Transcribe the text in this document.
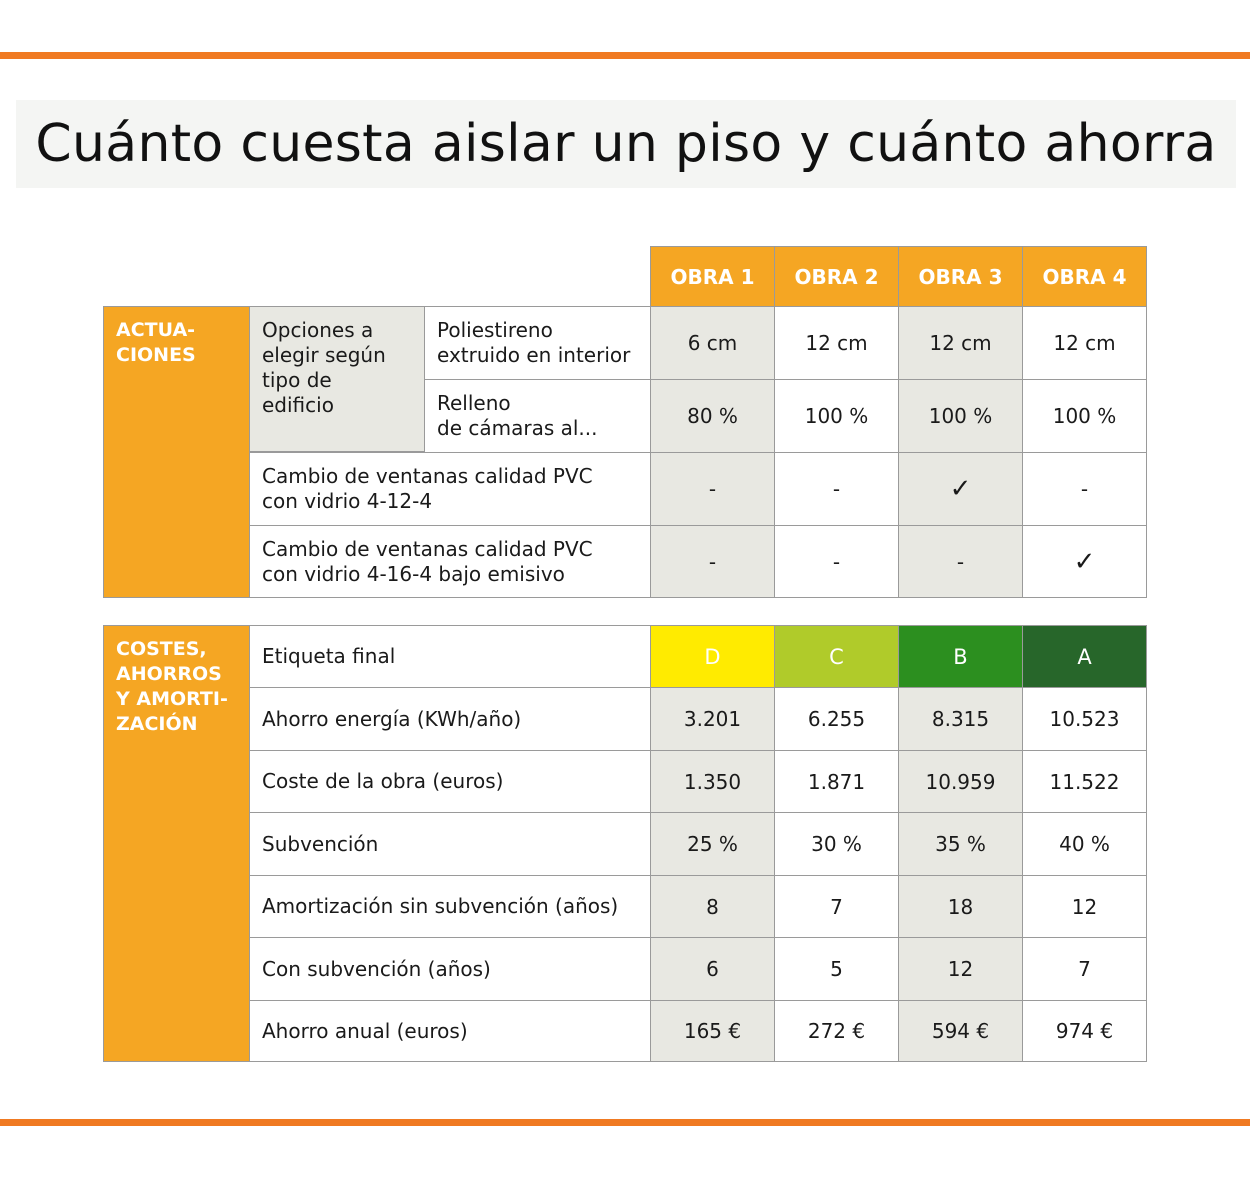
Cuánto cuesta aislar un piso y cuánto ahorra
OBRA 1	OBRA 2	OBRA 3	OBRA 4
ACTUA-
CIONES
Opciones a
elegir según
tipo de
edificio
Poliestireno
extruido en interior	6 cm	12 cm	12 cm	12 cm
Relleno
de cámaras al...	80 %	100 %	100 %	100 %
Cambio de ventanas calidad PVC
con vidrio 4-12-4	-	-	✓	-
Cambio de ventanas calidad PVC
con vidrio 4-16-4 bajo emisivo	-	-	-	✓
COSTES,
AHORROS
Y AMORTI-
ZACIÓN
Etiqueta final	D	C	B	A
Ahorro energía (KWh/año)	3.201	6.255	8.315	10.523
Coste de la obra (euros)	1.350	1.871	10.959	11.522
Subvención	25 %	30 %	35 %	40 %
Amortización sin subvención (años)	8	7	18	12
Con subvención (años)	6	5	12	7
Ahorro anual (euros)	165 €	272 €	594 €	974 €
